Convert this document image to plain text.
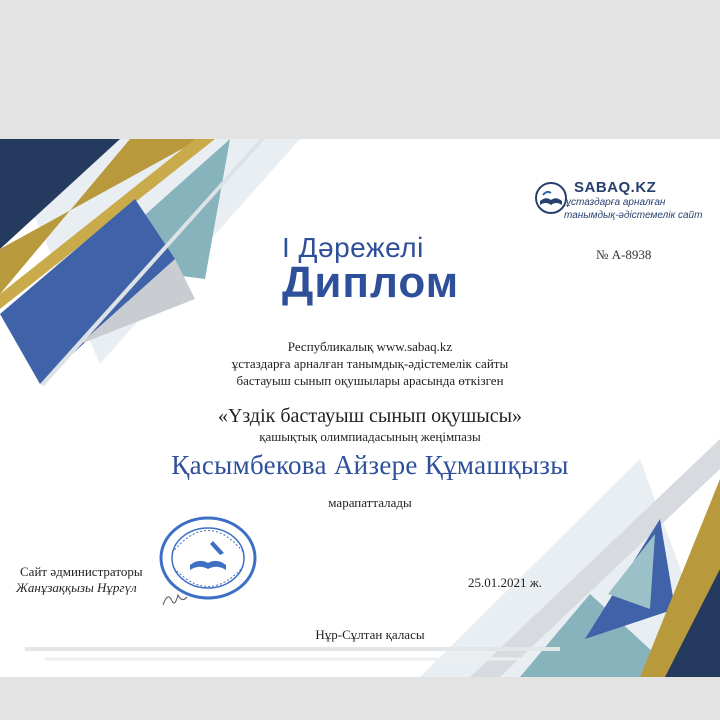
SABAQ.KZ
ұстаздарға арналған
танымдық-әдістемелік сайт
І Дәрежелі
Диплом
№ А-8938
Республикалық www.sabaq.kz
ұстаздарға арналған танымдық-әдістемелік сайты
бастауыш сынып оқушылары арасында өткізген
«Үздік бастауыш сынып оқушысы»
қашықтық олимпиадасының жеңімпазы
Қасымбекова Айзере Құмашқызы
марапатталады
Сайт әдминистраторы
Жанұзаққызы Нұргүл	25.01.2021 ж.
Нұр-Сұлтан қаласы
